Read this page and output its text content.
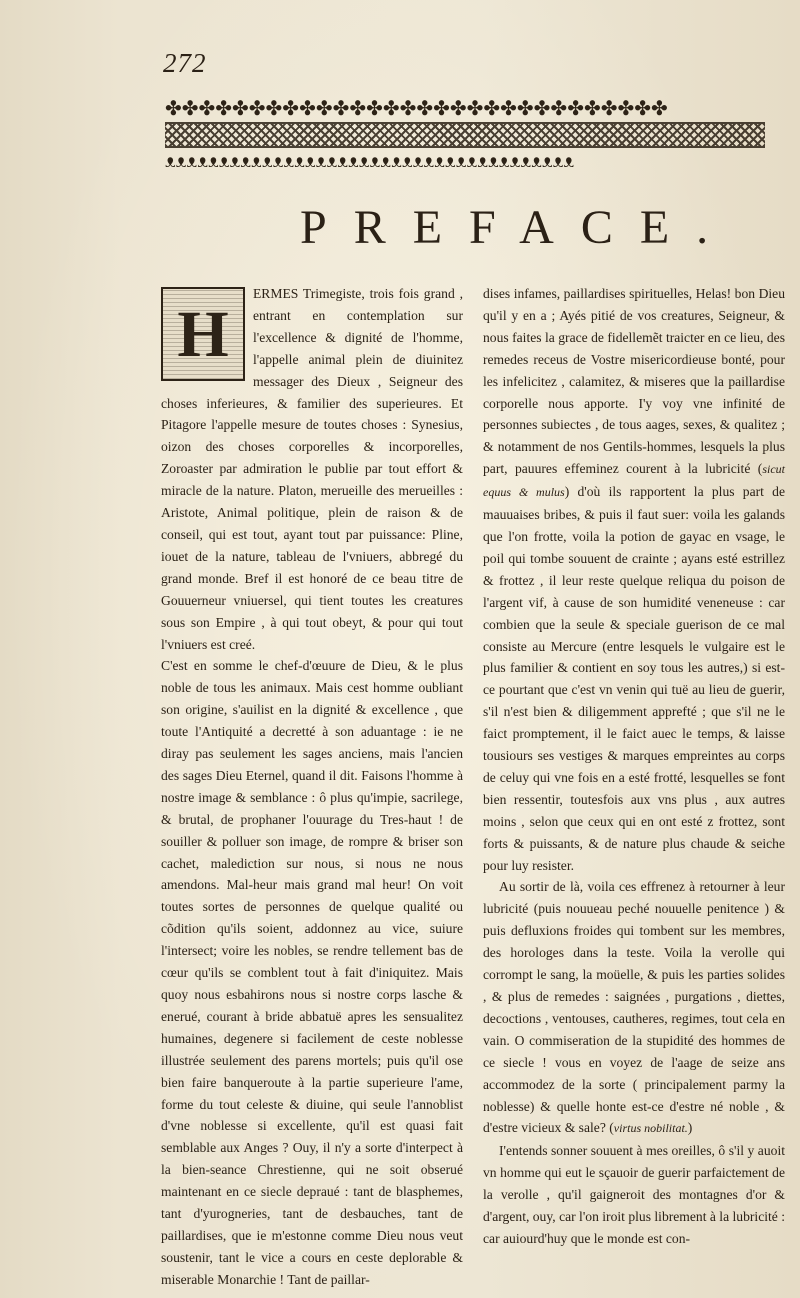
272
✤✤✤✤✤✤✤✤✤✤✤✤✤✤✤✤✤✤✤✤✤✤✤✤✤✤✤✤✤✤
ᴥᴥᴥᴥᴥᴥᴥᴥᴥᴥᴥᴥᴥᴥᴥᴥᴥᴥᴥᴥᴥᴥᴥᴥᴥᴥᴥᴥᴥᴥᴥᴥᴥᴥᴥᴥᴥᴥ
PREFACE.
H

ERMES Trimegiste, trois fois grand , entrant en contemplation sur l'excellence & dignité de l'homme, l'appelle animal plein de diuinitez messager des Dieux , Seigneur des choses inferieures, & familier des superieures. Et Pitagore l'appelle mesure de toutes choses : Synesius, oizon des choses corporelles & incorporelles, Zoroaster par admiration le publie par tout effort & miracle de la nature. Platon, merueille des merueilles : Aristote, Animal politique, plein de raison & de conseil, qui est tout, ayant tout par puissance: Pline, iouet de la nature, tableau de l'vniuers, abbregé du grand monde. Bref il est honoré de ce beau titre de Gouuerneur vniuersel, qui tient toutes les creatures sous son Empire , à qui tout obeyt, & pour qui tout l'vniuers est creé.

C'est en somme le chef-d'œuure de Dieu, & le plus noble de tous les animaux. Mais cest homme oubliant son origine, s'auilist en la dignité & excellence , que toute l'Antiquité a decretté à son aduantage : ie ne diray pas seulement les sages anciens, mais l'ancien des sages Dieu Eternel, quand il dit. Faisons l'homme à nostre image & semblance : ô plus qu'impie, sacrilege, & brutal, de prophaner l'ouurage du Tres-haut ! de souiller & polluer son image, de rompre & briser son cachet, malediction sur nous, si nous ne nous amendons. Mal-heur mais grand mal heur! On voit toutes sortes de personnes de quelque qualité ou cõdition qu'ils soient, addonnez au vice, suiure l'intersect; voire les nobles, se rendre tellement bas de cœur qu'ils se comblent tout à fait d'iniquitez. Mais quoy nous esbahirons nous si nostre corps lasche & enerué, courant à bride abbatuë apres les sensualitez humaines, degenere si facilement de ceste noblesse illustrée seulement des parens mortels; puis qu'il ose bien faire banqueroute à la partie superieure l'ame, forme du tout celeste & diuine, qui seule l'annoblist d'vne noblesse si excellente, qu'il est quasi fait semblable aux Anges ? Ouy, il n'y a sorte d'interpect à la bien-seance Chrestienne, qui ne soit obserué maintenant en ce siecle depraué : tant de blasphemes, tant d'yurogneries, tant de desbauches, tant de paillardises, que ie m'estonne comme Dieu nous veut soustenir, tant le vice a cours en ceste deplorable & miserable Monarchie ! Tant de paillar-

dises infames, paillardises spirituelles, Helas! bon Dieu qu'il y en a ; Ayés pitié de vos creatures, Seigneur, & nous faites la grace de fidellemẽt traicter en ce lieu, des remedes receus de Vostre misericordieuse bonté, pour les infelicitez , calamitez, & miseres que la paillardise corporelle nous apporte. I'y voy vne infinité de personnes subiectes , de tous aages, sexes, & qualitez ; & notamment de nos Gentils-hommes, lesquels la plus part, pauures effeminez courent à la lubricité (sicut equus & mulus) d'où ils rapportent la plus part de mauuaises bribes, & puis il faut suer: voila les galands que l'on frotte, voila la potion de gayac en vsage, le poil qui tombe souuent de crainte ; ayans esté estrillez & frottez , il leur reste quelque reliqua du poison de l'argent vif, à cause de son humidité veneneuse : car combien que la seule & speciale guerison de ce mal consiste au Mercure (entre lesquels le vulgaire est le plus familier & contient en soy tous les autres,) si est-ce pourtant que c'est vn venin qui tuë au lieu de guerir, s'il n'est bien & diligemment apprefté ; que s'il ne le faict promptement, il le faict auec le temps, & laisse tousiours ses vestiges & marques empreintes au corps de celuy qui vne fois en a esté frotté, lesquelles se font bien ressentir, toutesfois aux vns plus , aux autres moins , selon que ceux qui en ont esté z frottez, sont forts & puissants, & de nature plus chaude & seiche pour luy resister.

Au sortir de là, voila ces effrenez à retourner à leur lubricité (puis nouueau peché nouuelle penitence ) & puis defluxions froides qui tombent sur les membres, des horologes dans la teste. Voila la verolle qui corrompt le sang, la moüelle, & puis les parties solides , & plus de remedes : saignées , purgations , diettes, decoctions , ventouses, cautheres, regimes, tout cela en vain. O commiseration de la stupidité des hommes de ce siecle ! vous en voyez de l'aage de seize ans accommodez de la sorte ( principalement parmy la noblesse) & quelle honte est-ce d'estre né noble , & d'estre vicieux & sale? (virtus nobilitat.)

I'entends sonner souuent à mes oreilles, ô s'il y auoit vn homme qui eut le sçauoir de guerir parfaictement de la verolle , qu'il gaigneroit des montagnes d'or & d'argent, ouy, car l'on iroit plus librement à la lubricité : car auiourd'huy que le monde est con-
